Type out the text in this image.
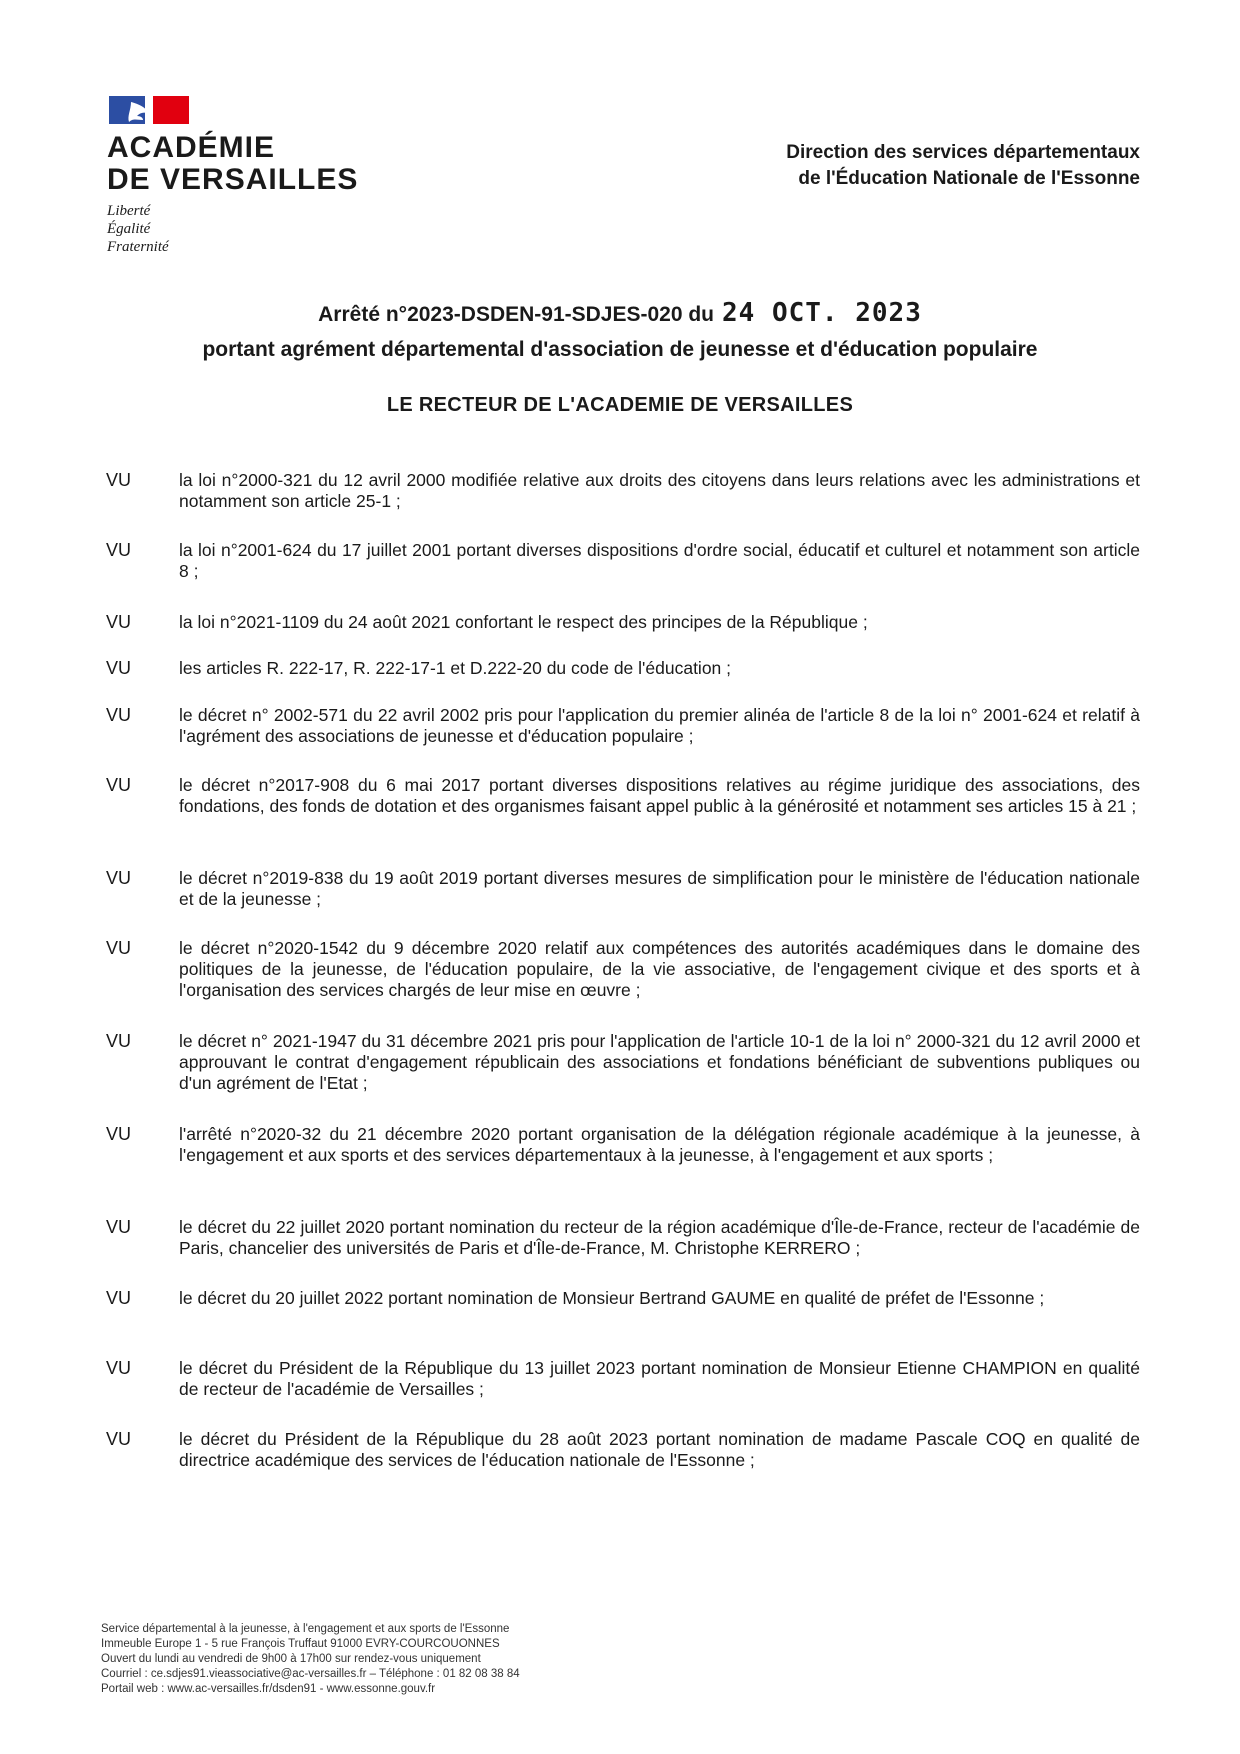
ACADÉMIE
DE VERSAILLES
Liberté
Égalité
Fraternité
Direction des services départementaux
de l'Éducation Nationale de l'Essonne
Arrêté n°2023-DSDEN-91-SDJES-020 du 24 OCT. 2023
portant agrément départemental d'association de jeunesse et d'éducation populaire
LE RECTEUR DE L'ACADEMIE DE VERSAILLES
VU	la loi n°2000-321 du 12 avril 2000 modifiée relative aux droits des citoyens dans leurs relations avec les administrations et notamment son article 25-1 ;
VU	la loi n°2001-624 du 17 juillet 2001 portant diverses dispositions d'ordre social, éducatif et culturel et notamment son article 8 ;
VU	la loi n°2021-1109 du 24 août 2021 confortant le respect des principes de la République ;
VU	les articles R. 222-17, R. 222-17-1 et D.222-20 du code de l'éducation ;
VU	le décret n° 2002-571 du 22 avril 2002 pris pour l'application du premier alinéa de l'article 8 de la loi n° 2001-624 et relatif à l'agrément des associations de jeunesse et d'éducation populaire ;
VU	le décret n°2017-908 du 6 mai 2017 portant diverses dispositions relatives au régime juridique des associations, des fondations, des fonds de dotation et des organismes faisant appel public à la générosité et notamment ses articles 15 à 21 ;
VU	le décret n°2019-838 du 19 août 2019 portant diverses mesures de simplification pour le ministère de l'éducation nationale et de la jeunesse ;
VU	le décret n°2020-1542 du 9 décembre 2020 relatif aux compétences des autorités académiques dans le domaine des politiques de la jeunesse, de l'éducation populaire, de la vie associative, de l'engagement civique et des sports et à l'organisation des services chargés de leur mise en œuvre ;
VU	le décret n° 2021-1947 du 31 décembre 2021 pris pour l'application de l'article 10-1 de la loi n° 2000-321 du 12 avril 2000 et approuvant le contrat d'engagement républicain des associations et fondations bénéficiant de subventions publiques ou d'un agrément de l'Etat ;
VU	l'arrêté n°2020-32 du 21 décembre 2020 portant organisation de la délégation régionale académique à la jeunesse, à l'engagement et aux sports et des services départementaux à la jeunesse, à l'engagement et aux sports ;
VU	le décret du 22 juillet 2020 portant nomination du recteur de la région académique d'Île-de-France, recteur de l'académie de Paris, chancelier des universités de Paris et d'Île-de-France, M. Christophe KERRERO ;
VU	le décret du 20 juillet 2022 portant nomination de Monsieur Bertrand GAUME en qualité de préfet de l'Essonne ;
VU	le décret du Président de la République du 13 juillet 2023 portant nomination de Monsieur Etienne CHAMPION en qualité de recteur de l'académie de Versailles ;
VU	le décret du Président de la République du 28 août 2023 portant nomination de madame Pascale COQ en qualité de directrice académique des services de l'éducation nationale de l'Essonne ;
Service départemental à la jeunesse, à l'engagement et aux sports de l'Essonne
Immeuble Europe 1 - 5 rue François Truffaut 91000 EVRY-COURCOUONNES
Ouvert du lundi au vendredi de 9h00 à 17h00 sur rendez-vous uniquement
Courriel : ce.sdjes91.vieassociative@ac-versailles.fr – Téléphone : 01 82 08 38 84
Portail web : www.ac-versailles.fr/dsden91 - www.essonne.gouv.fr
